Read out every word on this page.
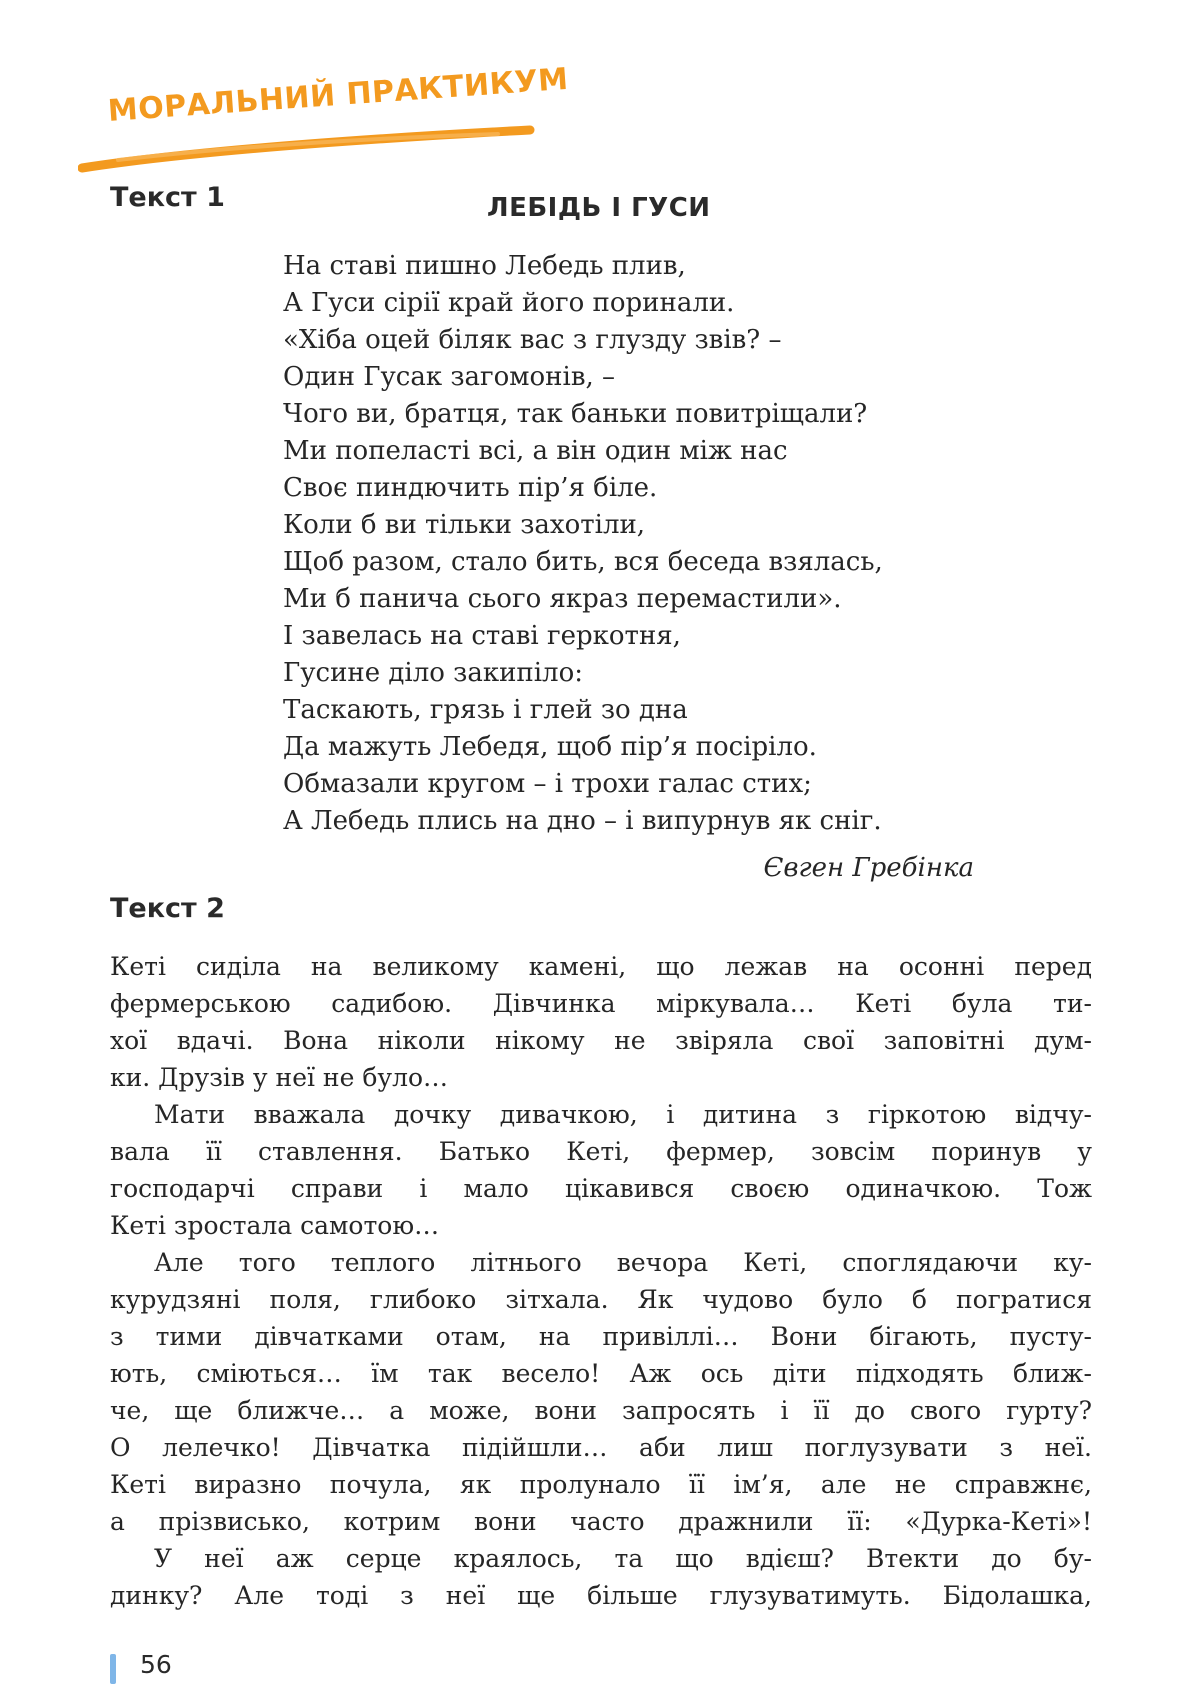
МОРАЛЬНИЙ ПРАКТИКУМ
Текст 1	ЛЕБІДЬ І ГУСИ
На ставі пишно Лебедь плив,
А Гуси сірії край його поринали.
«Хіба оцей біляк вас з глузду звів? –
Один Гусак загомонів, –
Чого ви, братця, так баньки повитріщали?
Ми попеласті всі, а він один між нас
Своє пиндючить пір’я біле.
Коли б ви тільки захотіли,
Щоб разом, стало бить, вся беседа взялась,
Ми б панича сього якраз перемастили».
І завелась на ставі геркотня,
Гусине діло закипіло:
Таскають, грязь і глей зо дна
Да мажуть Лебедя, щоб пір’я посіріло.
Обмазали кругом – і трохи галас стих;
А Лебедь плись на дно – і випурнув як сніг.
Євген Гребінка
Текст 2
Кеті сиділа на великому камені, що лежав на осонні перед
фермерською садибою. Дівчинка міркувала… Кеті була ти-
хої вдачі. Вона ніколи нікому не звіряла свої заповітні дум-
ки. Друзів у неї не було…
Мати вважала дочку дивачкою, і дитина з гіркотою відчу-
вала її ставлення. Батько Кеті, фермер, зовсім поринув у
господарчі справи і мало цікавився своєю одиначкою. Тож
Кеті зростала самотою…
Але того теплого літнього вечора Кеті, споглядаючи ку-
курудзяні поля, глибоко зітхала. Як чудово було б погратися
з тими дівчатками отам, на привіллі… Вони бігають, пусту-
ють, сміються… їм так весело! Аж ось діти підходять ближ-
че, ще ближче… а може, вони запросять і її до свого гурту?
О лелечко! Дівчатка підійшли… аби лиш поглузувати з неї.
Кеті виразно почула, як пролунало її ім’я, але не справжнє,
а прізвисько, котрим вони часто дражнили її: «Дурка-Кеті»!
У неї аж серце краялось, та що вдієш? Втекти до бу-
динку? Але тоді з неї ще більше глузуватимуть. Бідолашка,
56
